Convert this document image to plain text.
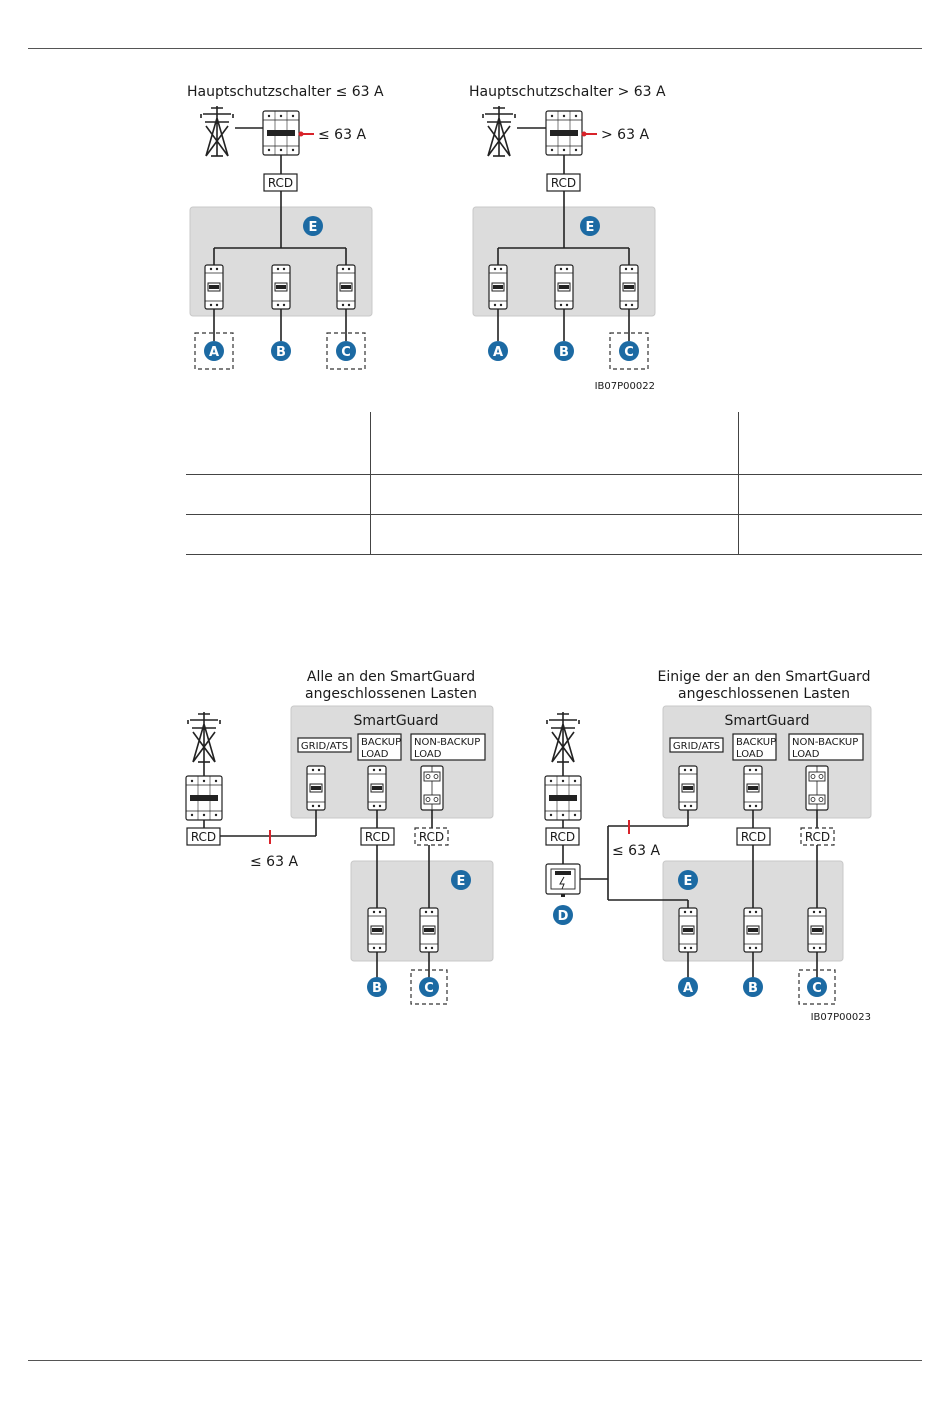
Hauptschutzschalter ≤ 63 A
≤ 63 A
RCD
E
A	B	C
Hauptschutzschalter > 63 A
> 63 A
RCD
E
A	B	C
IB07P00022
Alle an den SmartGuard
angeschlossenen Lasten
SmartGuard
GRID/ATS BACKUP
LOAD
NON-BACKUP
LOAD
RCD
≤ 63 A
RCD RCD
E
B	C
Einige der an den SmartGuard
angeschlossenen Lasten
SmartGuard
GRID/ATS BACKUP
LOAD
NON-BACKUP
LOAD
RCD
D
≤ 63 A
RCD	RCD
E
A	B	C
IB07P00023
